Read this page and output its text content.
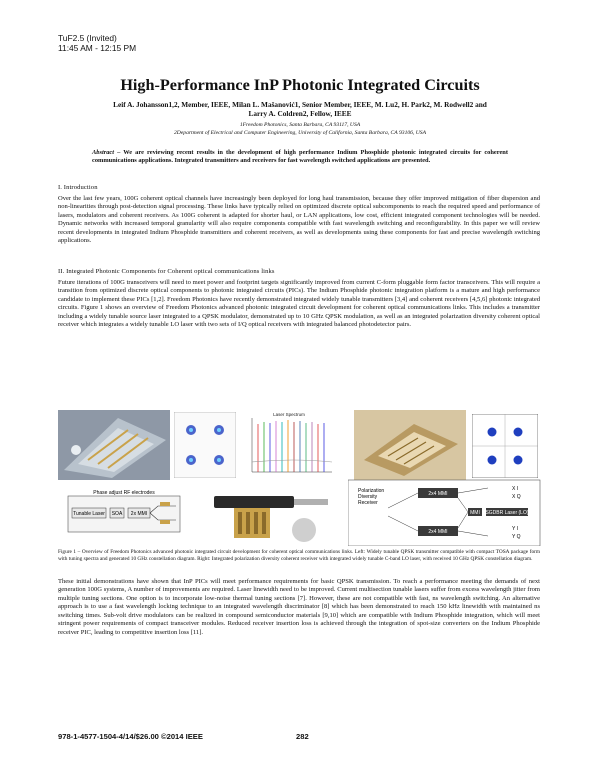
TuF2.5 (Invited)
11:45 AM - 12:15 PM
High-Performance InP Photonic Integrated Circuits
Leif A. Johansson1,2, Member, IEEE, Milan L. Mašanović1, Senior Member, IEEE, M. Lu2, H. Park2, M. Rodwell2 and
Larry A. Coldren2, Fellow, IEEE
1Freedom Photonics, Santa Barbara, CA 93117, USA
2Department of Electrical and Computer Engineering, University of California, Santa Barbara, CA 93106, USA
Abstract – We are reviewing recent results in the development of high performance Indium Phosphide photonic integrated circuits for coherent communications applications. Integrated transmitters and receivers for fast wavelength switched applications are presented.
I. Introduction
Over the last few years, 100G coherent optical channels have increasingly been deployed for long haul transmission, because they offer improved mitigation of fiber dispersion and non-linearities through post-detection signal processing. These links have typically relied on optimized discrete optical subcomponents to reach the required speed and performance of lasers, modulators and coherent receivers. As 100G coherent is adapted for shorter haul, or LAN applications, low cost, efficient integrated component technologies will be needed. Dynamic networks with increased temporal granularity will also require components compatible with fast wavelength switching and reconfigurability. In this paper we will review recent developments in integrated Indium Phosphide transmitters and coherent receivers, as well as developments using these components for fast and precise wavelength switching applications.
II. Integrated Photonic Components for Coherent optical communications links
Future iterations of 100G transceivers will need to meet power and footprint targets significantly improved from current C-form pluggable form factor transceivers. This will require a transition from optimized discrete optical components to photonic integrated circuits (PICs). The Indium Phosphide photonic integration platform is a mature and high performance candidate to implement these PICs [1,2]. Freedom Photonics have recently demonstrated integrated widely tunable transmitters [3,4] and coherent receivers [4,5,6] photonic integrated circuits. Figure 1 shows an overview of Freedom Photonics advanced photonic integrated circuit development for coherent optical communications links. This includes a transmitter including a widely tunable source laser integrated to a QPSK modulator, demonstrated up to 10 GHz QPSK modulation, as well as an integrated polarization diversity coherent optical receiver which integrates a widely tunable LO laser with two sets of I/Q optical receivers with integrated balanced photodetector pairs.
Laser Spectrum
Phase adjust RF electrodes
Tunable Laser SOA 2x MMI
Polarization
Diversity
Receiver
2x4 MMI
2x4 MMI
MMI SGDBR Laser (LO)
X I
X Q
Y I
Y Q
Figure 1 – Overview of Freedom Photonics advanced photonic integrated circuit development for coherent optical communications links. Left: Widely tunable QPSK transmitter compatible with compact TOSA package form with tuning spectra and generated 10 GHz constellation diagram. Right: Integrated polarization diversity coherent receiver with integrated widely tunable C-band LO laser, with received 10 GHz QPSK constellation diagram.
These initial demonstrations have shown that InP PICs will meet performance requirements for basic QPSK transmission. To reach a performance meeting the demands of next generation 100G systems, A number of improvements are required. Laser linewidth need to be improved. Current multisection tunable lasers suffer from excess wavelength jitter from multiple tuning sections. One option is to incorporate low-noise thermal tuning sections [7]. However, these are not compatible with fast, ns wavelength switching. An alternative approach is to use a fast wavelength locking technique to an integrated wavelength discriminator [8] which has been demonstrated to reach 150 kHz linewidth with maintained ns switching times. Sub-volt drive modulators can be realized in compound semiconductor materials [9,10] which are compatible with Indium Phosphide integration, which will meet stringent power requirements of compact transceiver modules. Reduced receiver insertion loss is achieved through the integration of spot-size converters on the Indium Phosphide receiver PIC, leading to competitive insertion loss [11].
978-1-4577-1504-4/14/$26.00 ©2014 IEEE	282
